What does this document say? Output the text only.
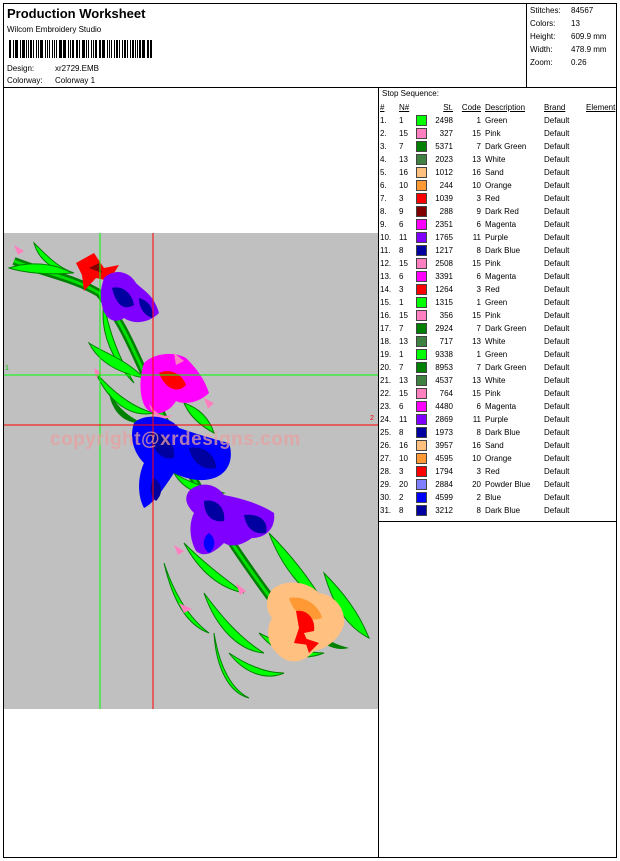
Production Worksheet
Wilcom Embroidery Studio
Design:	xr2729.EMB
Colorway: Colorway 1
Stitches: 84567
Colors: 13
Height: 609.9 mm
Width: 478.9 mm
Zoom: 0.26
copyright@xrdesigns.com
1
2
Stop Sequence:
#	N#		St.	Code	Description	Brand	Element
1.	1		2498	1	Green	Default	
2.	15		327	15	Pink	Default	
3.	7		5371	7	Dark Green	Default	
4.	13		2023	13	White	Default	
5.	16		1012	16	Sand	Default	
6.	10		244	10	Orange	Default	
7.	3		1039	3	Red	Default	
8.	9		288	9	Dark Red	Default	
9.	6		2351	6	Magenta	Default	
10.	11		1765	11	Purple	Default	
11.	8		1217	8	Dark Blue	Default	
12.	15		2508	15	Pink	Default	
13.	6		3391	6	Magenta	Default	
14.	3		1264	3	Red	Default	
15.	1		1315	1	Green	Default	
16.	15		356	15	Pink	Default	
17.	7		2924	7	Dark Green	Default	
18.	13		717	13	White	Default	
19.	1		9338	1	Green	Default	
20.	7		8953	7	Dark Green	Default	
21.	13		4537	13	White	Default	
22.	15		764	15	Pink	Default	
23.	6		4480	6	Magenta	Default	
24.	11		2869	11	Purple	Default	
25.	8		1973	8	Dark Blue	Default	
26.	16		3957	16	Sand	Default	
27.	10		4595	10	Orange	Default	
28.	3		1794	3	Red	Default	
29.	20		2884	20	Powder Blue	Default	
30.	2		4599	2	Blue	Default	
31.	8		3212	8	Dark Blue	Default	
